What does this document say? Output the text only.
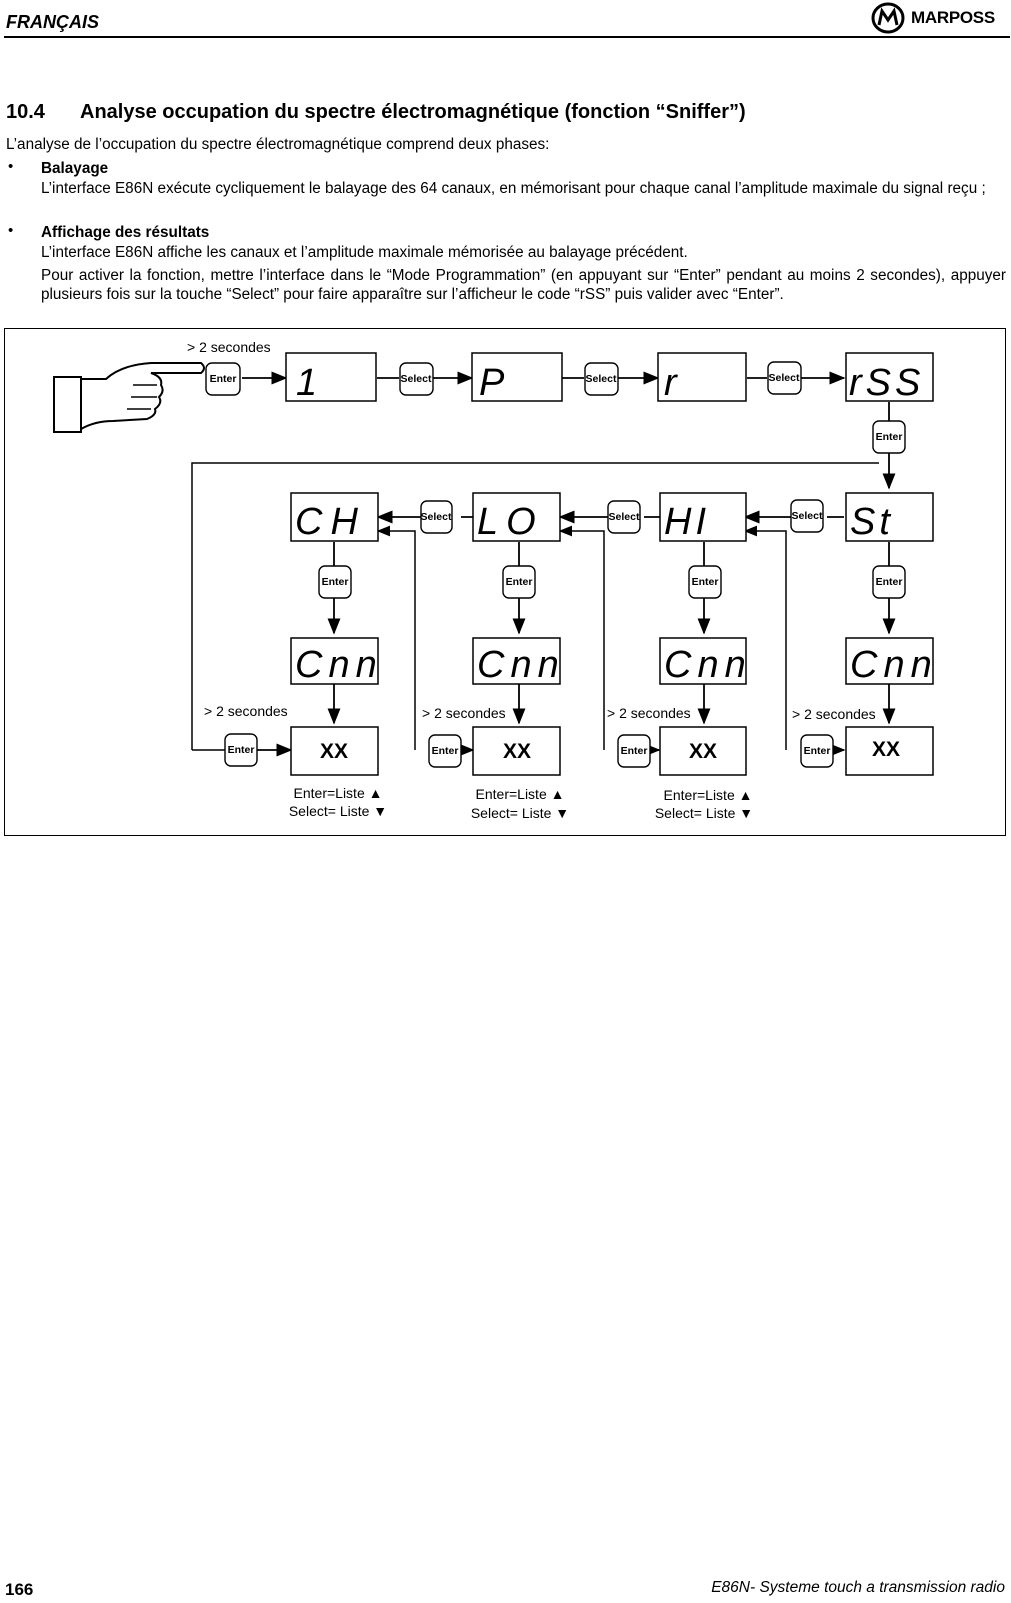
FRANÇAIS	MARPOSS
10.4 Analyse occupation du spectre électromagnétique (fonction “Sniffer”)
L’analyse de l’occupation du spectre électromagnétique comprend deux phases:
• Balayage
L’interface E86N exécute cycliquement le balayage des 64 canaux, en mémorisant pour chaque canal l’amplitude maximale du signal reçu ;
• Affichage des résultats
L’interface E86N affiche les canaux et l’amplitude maximale mémorisée au balayage précédent.
Pour activer la fonction, mettre l’interface dans le “Mode Programmation” (en appuyant sur “Enter” pendant au moins 2 secondes), appuyer plusieurs fois sur la touche “Select” pour faire apparaître sur l’afficheur le code “rSS” puis valider avec “Enter”.
1	P	r	rSS
CH	LO	HI	St
Cnn Cnn	Cnn	Cnn
XX	XX	XX	XX
Enter	Select	Select	Select
Enter
Select	Select	Select
Enter	Enter	Enter	Enter
Enter	Enter	Enter	Enter
> 2 secondes
> 2 secondes	> 2 secondes	> 2 secondes	> 2 secondes
Enter=Liste ▲
Select= Liste ▼
Enter=Liste ▲
Select= Liste ▼
Enter=Liste ▲
Select= Liste ▼
166	E86N- Systeme touch a transmission radio
